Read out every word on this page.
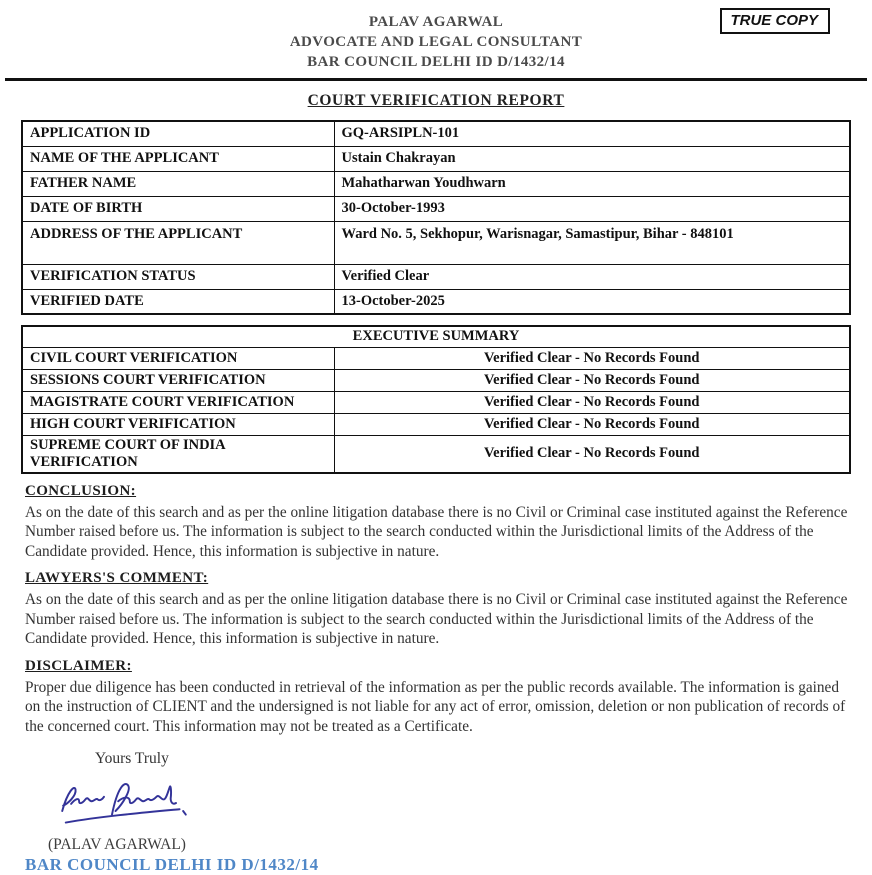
PALAV AGARWAL
ADVOCATE AND LEGAL CONSULTANT
BAR COUNCIL DELHI ID D/1432/14
TRUE COPY
COURT VERIFICATION REPORT
APPLICATION ID	GQ-ARSIPLN-101
NAME OF THE APPLICANT	Ustain Chakrayan
FATHER NAME	Mahatharwan Youdhwarn
DATE OF BIRTH	30-October-1993
ADDRESS OF THE APPLICANT	Ward No. 5, Sekhopur, Warisnagar, Samastipur, Bihar - 848101
VERIFICATION STATUS	Verified Clear
VERIFIED DATE	13-October-2025
EXECUTIVE SUMMARY	
CIVIL COURT VERIFICATION	Verified Clear - No Records Found
SESSIONS COURT VERIFICATION	Verified Clear - No Records Found
MAGISTRATE COURT VERIFICATION	Verified Clear - No Records Found
HIGH COURT VERIFICATION	Verified Clear - No Records Found
SUPREME COURT OF INDIA VERIFICATION	Verified Clear - No Records Found
CONCLUSION:
As on the date of this search and as per the online litigation database there is no Civil or Criminal case instituted against the Reference Number raised before us. The information is subject to the search conducted within the Jurisdictional limits of the Address of the Candidate provided. Hence, this information is subjective in nature.
LAWYERS'S COMMENT:
As on the date of this search and as per the online litigation database there is no Civil or Criminal case instituted against the Reference Number raised before us. The information is subject to the search conducted within the Jurisdictional limits of the Address of the Candidate provided. Hence, this information is subjective in nature.
DISCLAIMER:
Proper due diligence has been conducted in retrieval of the information as per the public records available. The information is gained on the instruction of CLIENT and the undersigned is not liable for any act of error, omission, deletion or non publication of records of the concerned court. This information may not be treated as a Certificate.
Yours Truly
(PALAV AGARWAL)
BAR COUNCIL DELHI ID D/1432/14
